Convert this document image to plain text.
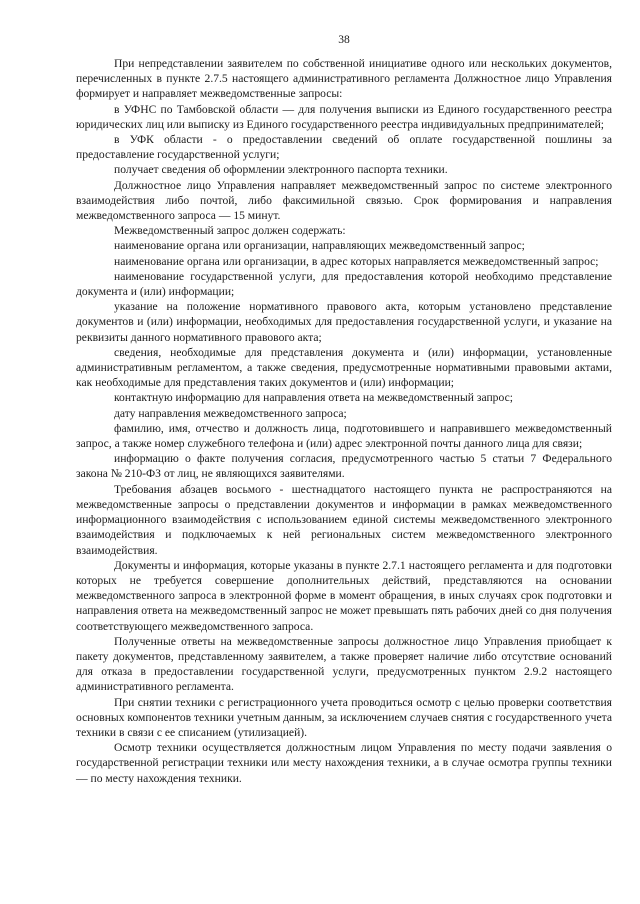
38

При непредставлении заявителем по собственной инициативе одного или нескольких документов, перечисленных в пункте 2.7.5 настоящего административного регламента Должностное лицо Управления формирует и направляет межведомственные запросы:

в УФНС по Тамбовской области — для получения выписки из Единого государственного реестра юридических лиц или выписку из Единого государственного реестра индивидуальных предпринимателей;

в УФК области - о предоставлении сведений об оплате государственной пошлины за предоставление государственной услуги;

получает сведения об оформлении электронного паспорта техники.

Должностное лицо Управления направляет межведомственный запрос по системе электронного взаимодействия либо почтой, либо факсимильной связью. Срок формирования и направления межведомственного запроса — 15 минут.

Межведомственный запрос должен содержать:

наименование органа или организации, направляющих межведомственный запрос;

наименование органа или организации, в адрес которых направляется межведомственный запрос;

наименование государственной услуги, для предоставления которой необходимо представление документа и (или) информации;

указание на положение нормативного правового акта, которым установлено представление документов и (или) информации, необходимых для предоставления государственной услуги, и указание на реквизиты данного нормативного правового акта;

сведения, необходимые для представления документа и (или) информации, установленные административным регламентом, а также сведения, предусмотренные нормативными правовыми актами, как необходимые для представления таких документов и (или) информации;

контактную информацию для направления ответа на межведомственный запрос;

дату направления межведомственного запроса;

фамилию, имя, отчество и должность лица, подготовившего и направившего межведомственный запрос, а также номер служебного телефона и (или) адрес электронной почты данного лица для связи;

информацию о факте получения согласия, предусмотренного частью 5 статьи 7 Федерального закона № 210-ФЗ от лиц, не являющихся заявителями.

Требования абзацев восьмого - шестнадцатого настоящего пункта не распространяются на межведомственные запросы о представлении документов и информации в рамках межведомственного информационного взаимодействия с использованием единой системы межведомственного электронного взаимодействия и подключаемых к ней региональных систем межведомственного электронного взаимодействия.

Документы и информация, которые указаны в пункте 2.7.1 настоящего регламента и для подготовки которых не требуется совершение дополнительных действий, представляются на основании межведомственного запроса в электронной форме в момент обращения, в иных случаях срок подготовки и направления ответа на межведомственный запрос не может превышать пять рабочих дней со дня получения соответствующего межведомственного запроса.

Полученные ответы на межведомственные запросы должностное лицо Управления приобщает к пакету документов, представленному заявителем, а также проверяет наличие либо отсутствие оснований для отказа в предоставлении государственной услуги, предусмотренных пунктом 2.9.2 настоящего административного регламента.

При снятии техники с регистрационного учета проводиться осмотр с целью проверки соответствия основных компонентов техники учетным данным, за исключением случаев снятия с государственного учета техники в связи с ее списанием (утилизацией).

Осмотр техники осуществляется должностным лицом Управления по месту подачи заявления о государственной регистрации техники или месту нахождения техники, а в случае осмотра группы техники — по месту нахождения техники.
